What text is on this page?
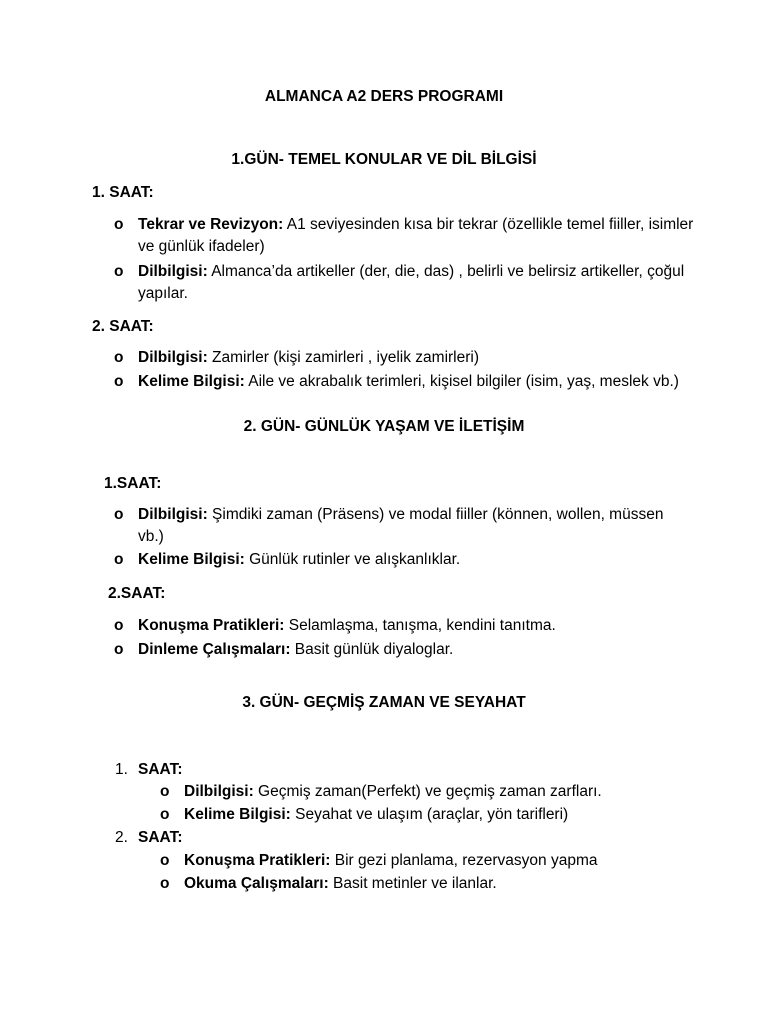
ALMANCA A2 DERS PROGRAMI
1.GÜN- TEMEL KONULAR VE DİL BİLGİSİ
1. SAAT:
o Tekrar ve Revizyon: A1 seviyesinden kısa bir tekrar (özellikle temel fiiller, isimler ve günlük ifadeler)
o Dilbilgisi: Almanca’da artikeller (der, die, das) , belirli ve belirsiz artikeller, çoğul yapılar.
2. SAAT:
o Dilbilgisi: Zamirler (kişi zamirleri , iyelik zamirleri)
o Kelime Bilgisi: Aile ve akrabalık terimleri, kişisel bilgiler (isim, yaş, meslek vb.)
2. GÜN- GÜNLÜK YAŞAM VE İLETİŞİM
1.SAAT:
o Dilbilgisi: Şimdiki zaman (Präsens) ve modal fiiller (können, wollen, müssen vb.)
o Kelime Bilgisi: Günlük rutinler ve alışkanlıklar.
2.SAAT:
o Konuşma Pratikleri: Selamlaşma, tanışma, kendini tanıtma.
o Dinleme Çalışmaları: Basit günlük diyaloglar.
3. GÜN- GEÇMİŞ ZAMAN VE SEYAHAT
1. SAAT:
o Dilbilgisi: Geçmiş zaman(Perfekt) ve geçmiş zaman zarfları.
o Kelime Bilgisi: Seyahat ve ulaşım (araçlar, yön tarifleri)
2. SAAT:
o Konuşma Pratikleri: Bir gezi planlama, rezervasyon yapma
o Okuma Çalışmaları: Basit metinler ve ilanlar.
